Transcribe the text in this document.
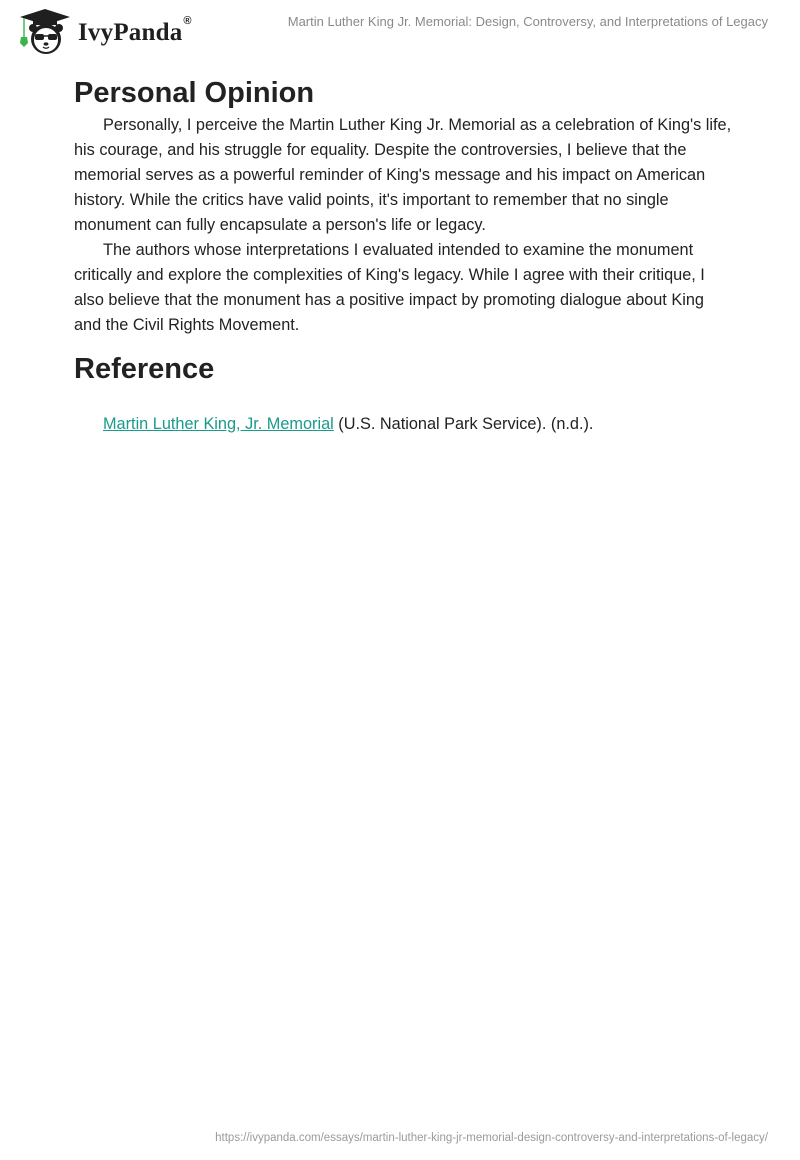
IvyPanda®	Martin Luther King Jr. Memorial: Design, Controversy, and Interpretations of Legacy
Personal Opinion

Personally, I perceive the Martin Luther King Jr. Memorial as a celebration of King's life, his courage, and his struggle for equality. Despite the controversies, I believe that the memorial serves as a powerful reminder of King's message and his impact on American history. While the critics have valid points, it's important to remember that no single monument can fully encapsulate a person's life or legacy.

The authors whose interpretations I evaluated intended to examine the monument critically and explore the complexities of King's legacy. While I agree with their critique, I also believe that the monument has a positive impact by promoting dialogue about King and the Civil Rights Movement.

Reference
Martin Luther King, Jr. Memorial (U.S. National Park Service). (n.d.).
https://ivypanda.com/essays/martin-luther-king-jr-memorial-design-controversy-and-interpretations-of-legacy/
